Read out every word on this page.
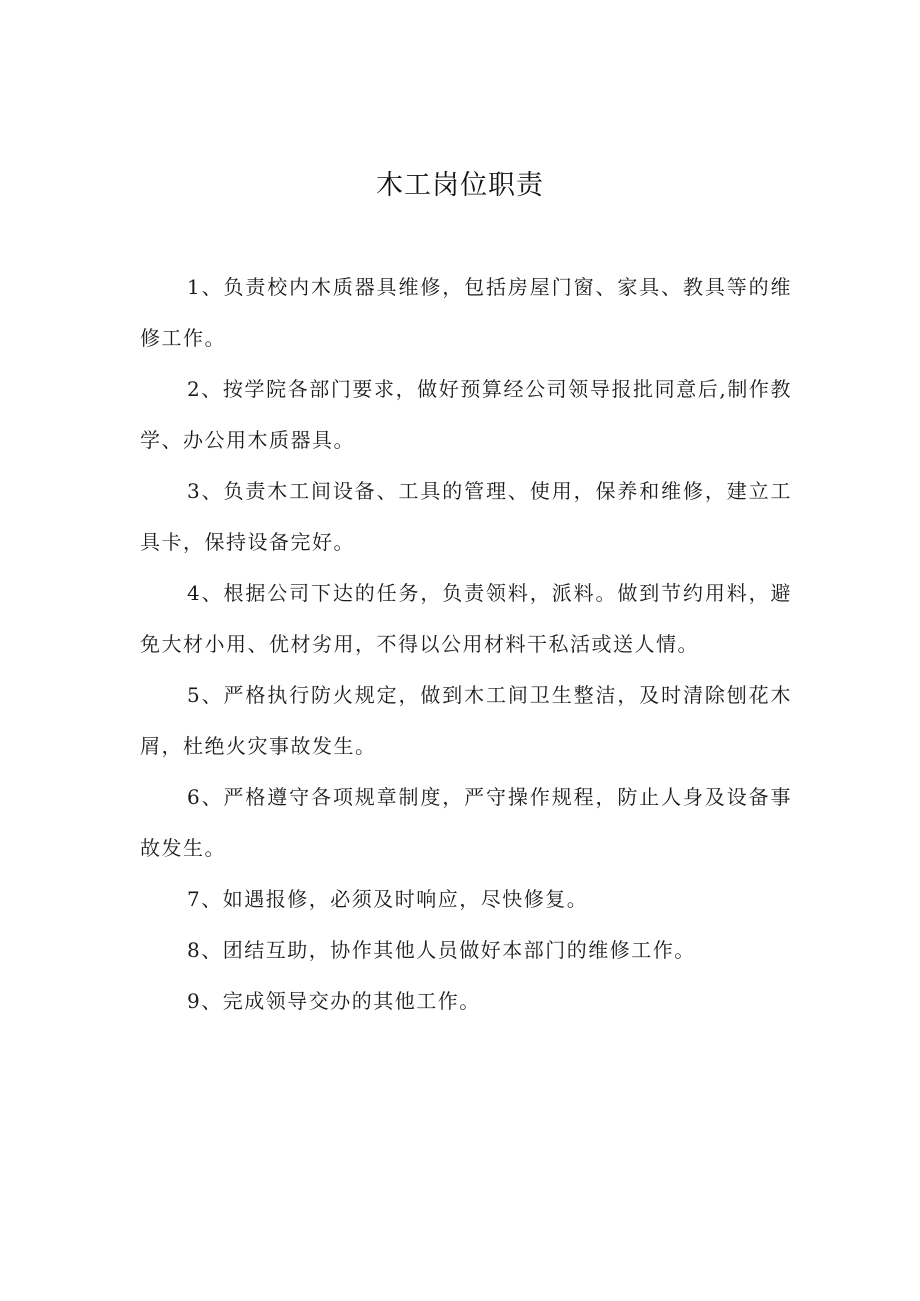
木工岗位职责

1、负责校内木质器具维修，包括房屋门窗、家具、教具等的维修工作。

2、按学院各部门要求，做好预算经公司领导报批同意后,制作教学、办公用木质器具。

3、负责木工间设备、工具的管理、使用，保养和维修，建立工具卡，保持设备完好。

4、根据公司下达的任务，负责领料，派料。做到节约用料，避免大材小用、优材劣用，不得以公用材料干私活或送人情。

5、严格执行防火规定，做到木工间卫生整洁，及时清除刨花木屑，杜绝火灾事故发生。

6、严格遵守各项规章制度，严守操作规程，防止人身及设备事故发生。

7、如遇报修，必须及时响应，尽快修复。

8、团结互助，协作其他人员做好本部门的维修工作。

9、完成领导交办的其他工作。
